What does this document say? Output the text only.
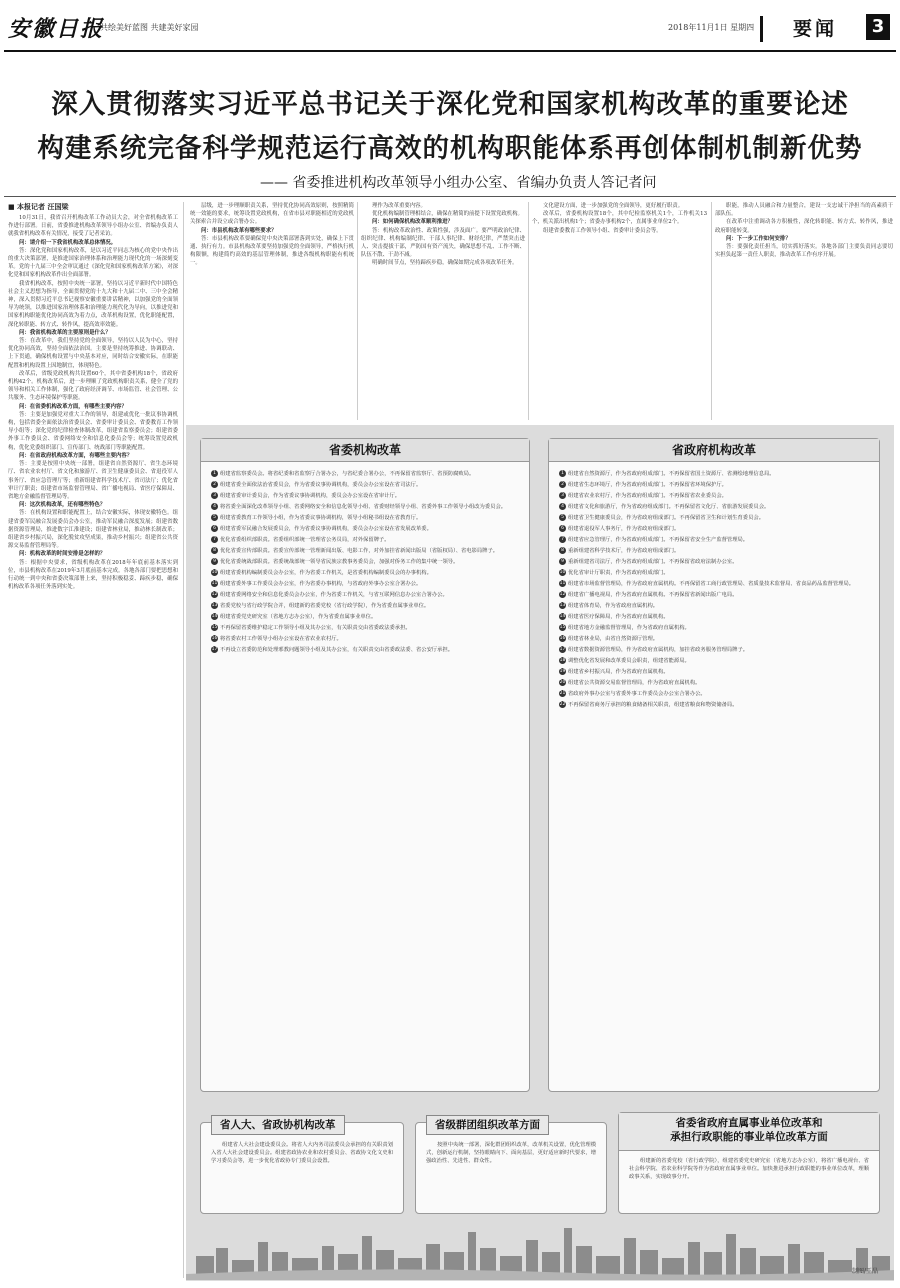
安徽日报
共绘美好蓝图 共建美好家园	2018年11月1日 星期四 要闻	3
深入贯彻落实习近平总书记关于深化党和国家机构改革的重要论述
构建系统完备科学规范运行高效的机构职能体系再创体制机制新优势
—— 省委推进机构改革领导小组办公室、省编办负责人答记者问
■ 本报记者 汪国梁

10月31日，我省召开机构改革工作动员大会，对全省机构改革工作进行部署。日前，省委推进机构改革领导小组办公室、省编办负责人就我省机构改革有关情况，接受了记者采访。

问：请介绍一下我省机构改革总体情况。

答：深化党和国家机构改革，是以习近平同志为核心的党中央作出的重大决策部署，是推进国家治理体系和治理能力现代化的一场深刻变革。党的十九届三中全会审议通过《深化党和国家机构改革方案》，对深化党和国家机构改革作出全面部署。

我省机构改革，按照中央统一部署，坚持以习近平新时代中国特色社会主义思想为指导，全面贯彻党的十九大和十九届二中、三中全会精神，深入贯彻习近平总书记视察安徽重要讲话精神，以加强党的全面领导为统领，以推进国家治理体系和治理能力现代化为导向，以推进党和国家机构职能优化协同高效为着力点，改革机构设置，优化职能配置，深化转职能、转方式、转作风，提高效率效能。

问：我省机构改革的主要原则是什么？

答：在改革中，我们坚持党的全面领导，坚持以人民为中心，坚持优化协同高效，坚持全面依法治国。主要是坚持统筹推进、协调联动、上下贯通，确保机构设置与中央基本对应，同时结合安徽实际，在职能配置和机构设置上因地制宜，体现特色。

改革后，省级党政机构共设置60个，其中省委机构18个，省政府机构42个。机构改革后，进一步理顺了党政机构职责关系，健全了党的领导和相关工作体制，强化了政府经济调节、市场监管、社会管理、公共服务、生态环境保护等职能。

问：在省委机构改革方面，有哪些主要内容？

答：主要是加强党对重大工作的领导，组建或优化一批议事协调机构，包括省委全面依法治省委员会、省委审计委员会、省委教育工作领导小组等；深化党的纪律检查体制改革，组建省监察委员会；组建省委外事工作委员会、省委网络安全和信息化委员会等；统筹设置党政机构，优化党委组织部门、宣传部门、统战部门等职能配置。

问：在省政府机构改革方面，有哪些主要内容？

答：主要是按照中央统一部署，组建省自然资源厅、省生态环境厅、省农业农村厅、省文化和旅游厅、省卫生健康委员会、省退役军人事务厅、省应急管理厅等；重新组建省科学技术厅、省司法厅；优化省审计厅职责；组建省市场监督管理局、省广播电视局、省医疗保障局、省地方金融监督管理局等。

问：这次机构改革，还有哪些特色？

答：在机构设置和职能配置上，结合安徽实际，体现安徽特色。组建省委军民融合发展委员会办公室，推动军民融合深度发展；组建省数据资源管理局，推进数字江淮建设；组建省林业局，推动林长制改革；组建省乡村振兴局，深化脱贫攻坚成果，推动乡村振兴；组建省公共资源交易监督管理局等。

问：机构改革的时间安排是怎样的？

答：根据中央要求，省级机构改革在2018年年底前基本落实到位，市县机构改革在2019年3月底前基本完成。各地各部门要把思想和行动统一到中央和省委决策部署上来，坚持积极稳妥、蹄疾步稳，确保机构改革各项任务落到实处。

层级，进一步理顺职责关系，坚持优化协同高效原则，按照精简统一效能的要求，统筹设置党政机构，在省市县对职能相近的党政机关探索合并设立或合署办公。

问：市县机构改革有哪些要求？

答：市县机构改革要确保党中央决策部署落到实处，确保上下贯通、执行有力。市县机构改革要坚持加强党的全面领导，严格执行机构限额，构建简约高效的基层管理体制，推进各级机构职能有机统一。

理作为改革重要内容。

优化机构编制管理相结合，确保在精简的前提下设置党政机构。

问：如何确保机构改革顺利推进？

答：机构改革政治性、政策性强，涉及面广。要严明政治纪律、组织纪律、机构编制纪律、干部人事纪律、财经纪律，严禁突击进人、突击提拔干部，严防国有资产流失，确保思想不乱、工作不断、队伍不散、干劲不减。

明确时间节点，坚持蹄疾步稳，确保如期完成各项改革任务。

文化建设方面，进一步加强党的全面领导，更好履行职责。

改革后，省委机构设置18个，其中纪检监察机关1个，工作机关13个，机关派出机构1个；省委办事机构2个，直属事业单位2个。

组建省委教育工作领导小组、省委审计委员会等。

职能，推动人员融合和力量整合，建设一支忠诚干净担当的高素质干部队伍。

在改革中注重调动各方积极性，深化转职能、转方式、转作风，推进政府职能转变。

问：下一步工作如何安排？

答：要强化责任担当，切实抓好落实。各地各部门主要负责同志要切实担负起第一责任人职责，推动改革工作有序开展。

省委机构改革
1 组建省监察委员会。将省纪委和省监察厅合署办公，与省纪委合署办公，不再保留省监察厅、省预防腐败局。
2 组建省委全面依法治省委员会，作为省委议事协调机构，委员会办公室设在省司法厅。
3 组建省委审计委员会，作为省委议事协调机构，委员会办公室设在省审计厅。
4 将省委全面深化改革领导小组、省委网络安全和信息化领导小组、省委财经领导小组、省委外事工作领导小组改为委员会。
5 组建省委教育工作领导小组，作为省委议事协调机构，领导小组秘书组设在省教育厅。
6 组建省委军民融合发展委员会，作为省委议事协调机构，委员会办公室设在省发展改革委。
7 优化省委组织部职责。省委组织部统一管理省公务员局，对外保留牌子。
8 优化省委宣传部职责。省委宣传部统一管理新闻出版、电影工作，对外加挂省新闻出版局（省版权局）、省电影局牌子。
9 优化省委统战部职责。省委统战部统一领导省民族宗教事务委员会，加强对侨务工作的集中统一领导。
10 组建省委机构编制委员会办公室，作为省委工作机关，是省委机构编制委员会的办事机构。
11 组建省委外事工作委员会办公室，作为省委办事机构，与省政府外事办公室合署办公。
12 组建省委网络安全和信息化委员会办公室，作为省委工作机关，与省互联网信息办公室合署办公。
13 省委党校与省行政学院合并，组建新的省委党校（省行政学院），作为省委直属事业单位。
14 组建省委党史研究室（省地方志办公室），作为省委直属事业单位。
15 不再保留省委维护稳定工作领导小组及其办公室，有关职责交由省委政法委承担。
16 将省委农村工作领导小组办公室设在省农业农村厅。
17 不再设立省委防范和处理邪教问题领导小组及其办公室，有关职责交由省委政法委、省公安厅承担。
省政府机构改革
1 组建省自然资源厅，作为省政府组成部门。不再保留省国土资源厅、省测绘地理信息局。
2 组建省生态环境厅，作为省政府组成部门。不再保留省环境保护厅。
3 组建省农业农村厅，作为省政府组成部门。不再保留省农业委员会。
4 组建省文化和旅游厅，作为省政府组成部门。不再保留省文化厅、省旅游发展委员会。
5 组建省卫生健康委员会，作为省政府组成部门。不再保留省卫生和计划生育委员会。
6 组建省退役军人事务厅，作为省政府组成部门。
7 组建省应急管理厅，作为省政府组成部门。不再保留省安全生产监督管理局。
8 重新组建省科学技术厅，作为省政府组成部门。
9 重新组建省司法厅，作为省政府组成部门。不再保留省政府法制办公室。
10 优化省审计厅职责，作为省政府组成部门。
11 组建省市场监督管理局，作为省政府直属机构。不再保留省工商行政管理局、省质量技术监督局、省食品药品监督管理局。
12 组建省广播电视局，作为省政府直属机构。不再保留省新闻出版广电局。
13 组建省体育局，作为省政府直属机构。
14 组建省医疗保障局，作为省政府直属机构。
15 组建省地方金融监督管理局，作为省政府直属机构。
16 组建省林业局，由省自然资源厅管理。
17 组建省数据资源管理局，作为省政府直属机构，加挂省政务服务管理局牌子。
18 调整优化省发展和改革委员会职责，组建省能源局。
19 组建省乡村振兴局，作为省政府直属机构。
20 组建省公共资源交易监督管理局，作为省政府直属机构。
21 省政府外事办公室与省委外事工作委员会办公室合署办公。
22 不再保留省商务厅承担的粮食储备相关职责，组建省粮食和物资储备局。
省人大、省政协机构改革
组建省人大社会建设委员会。将省人大内务司法委员会承担的有关职责划入省人大社会建设委员会。组建省政协农业和农村委员会、省政协文化文史和学习委员会等，进一步优化省政协专门委员会设置。
省级群团组织改革方面
按照中央统一部署，深化群团组织改革，改革机关设置，优化管理模式，创新运行机制，坚持眼睛向下、面向基层，更好适应新时代要求，增强政治性、先进性、群众性。
省委省政府直属事业单位改革和
承担行政职能的事业单位改革方面
组建新的省委党校（省行政学院），组建省委党史研究室（省地方志办公室），将省广播电视台、省社会科学院、省农业科学院等作为省政府直属事业单位。加快推进承担行政职能的事业单位改革，理顺政事关系，实现政事分开。
制图/王晶
